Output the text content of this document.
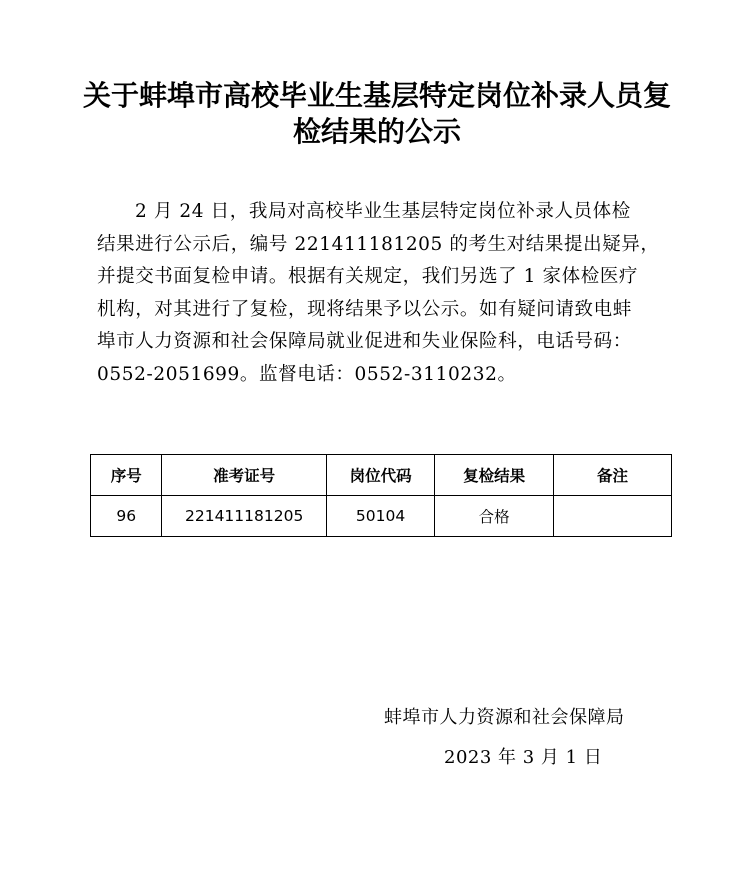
关于蚌埠市高校毕业生基层特定岗位补录人员复
检结果的公示
2 月 24 日，我局对高校毕业生基层特定岗位补录人员体检
结果进行公示后，编号 221411181205 的考生对结果提出疑异，
并提交书面复检申请。根据有关规定，我们另选了 1 家体检医疗
机构，对其进行了复检，现将结果予以公示。如有疑问请致电蚌
埠市人力资源和社会保障局就业促进和失业保险科，电话号码：
0552-2051699。监督电话：0552-3110232。
序号	准考证号	岗位代码	复检结果	备注
96	221411181205	50104	合格	
蚌埠市人力资源和社会保障局
2023 年 3 月 1 日
